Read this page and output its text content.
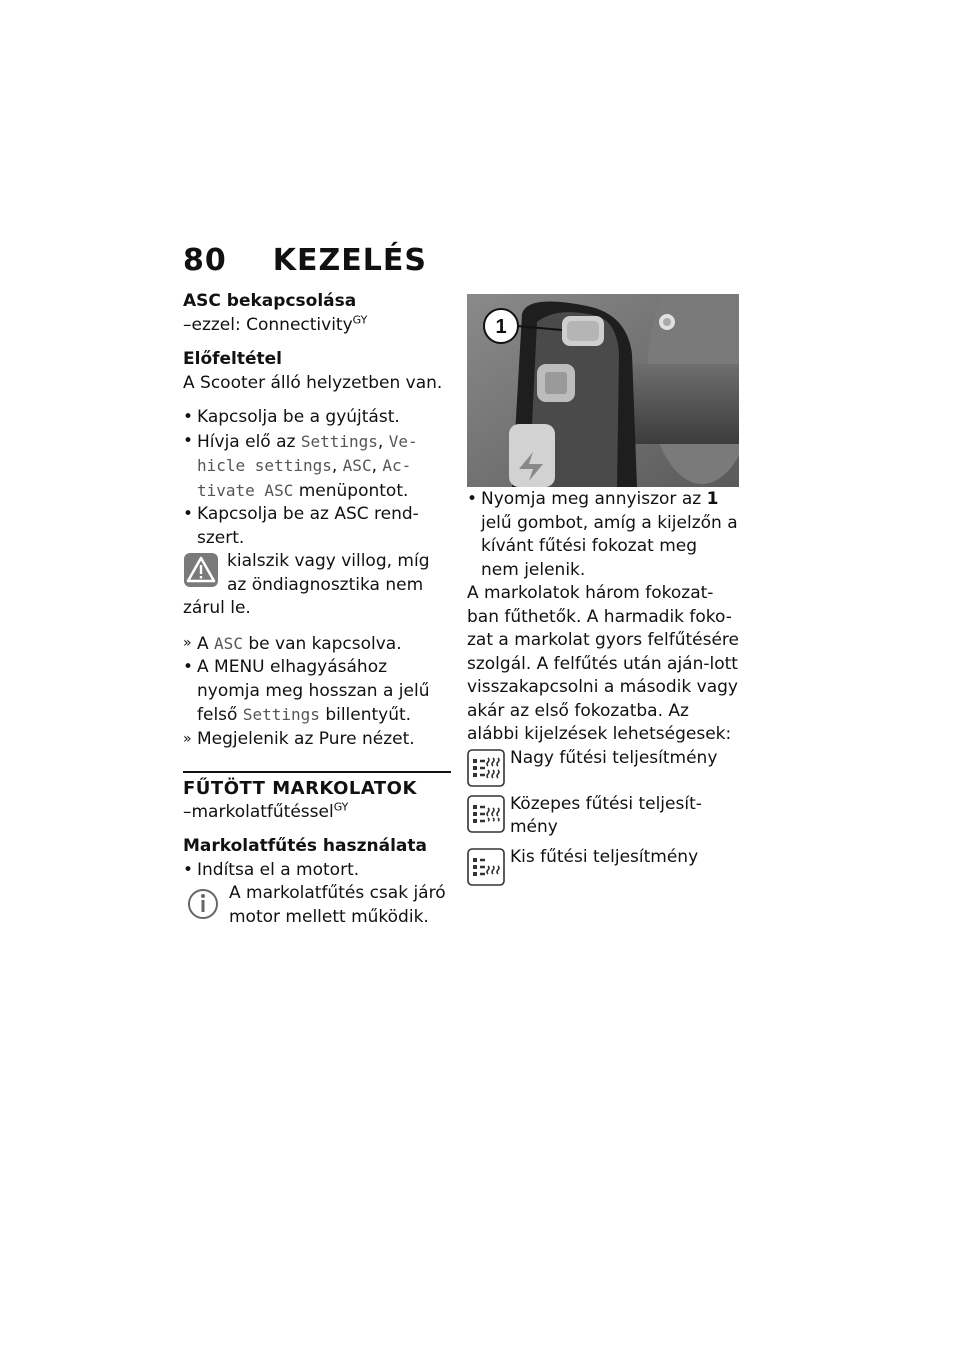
80 KEZELÉS

ASC bekapcsolása

–ezzel: Connectivity$^{GY}$

Előfeltétel

A Scooter álló helyzetben van.

• Kapcsolja be a gyújtást.

• Hívja elő az Settings, Ve-hicle settings, ASC, Ac-tivate ASC menüpontot.

• Kapcsolja be az ASC rend-szert.

kialszik vagy villog, míg az öndiagnosztika nem zárul le.

» A ASC be van kapcsolva.

• A MENU elhagyásához nyomja meg hosszan a jelű felső Settings billentyűt.

» Megjelenik az Pure nézet.

FŰTÖTT MARKOLATOK

–markolatfűtéssel$^{GY}$

Markolatfűtés használata

• Indítsa el a motort.

A markolatfűtés csak járó motor mellett működik.
1

• Nyomja meg annyiszor az 1 jelű gombot, amíg a kijelzőn a kívánt fűtési fokozat meg nem jelenik.

A markolatok három fokozat-ban fűthetők. A harmadik foko-zat a markolat gyors felfűtésére szolgál. A felfűtés után aján-lott visszakapcsolni a második vagy akár az első fokozatba. Az alábbi kijelzések lehetségesek:

Nagy fűtési teljesítmény
Közepes fűtési teljesít-mény
Kis fűtési teljesítmény
